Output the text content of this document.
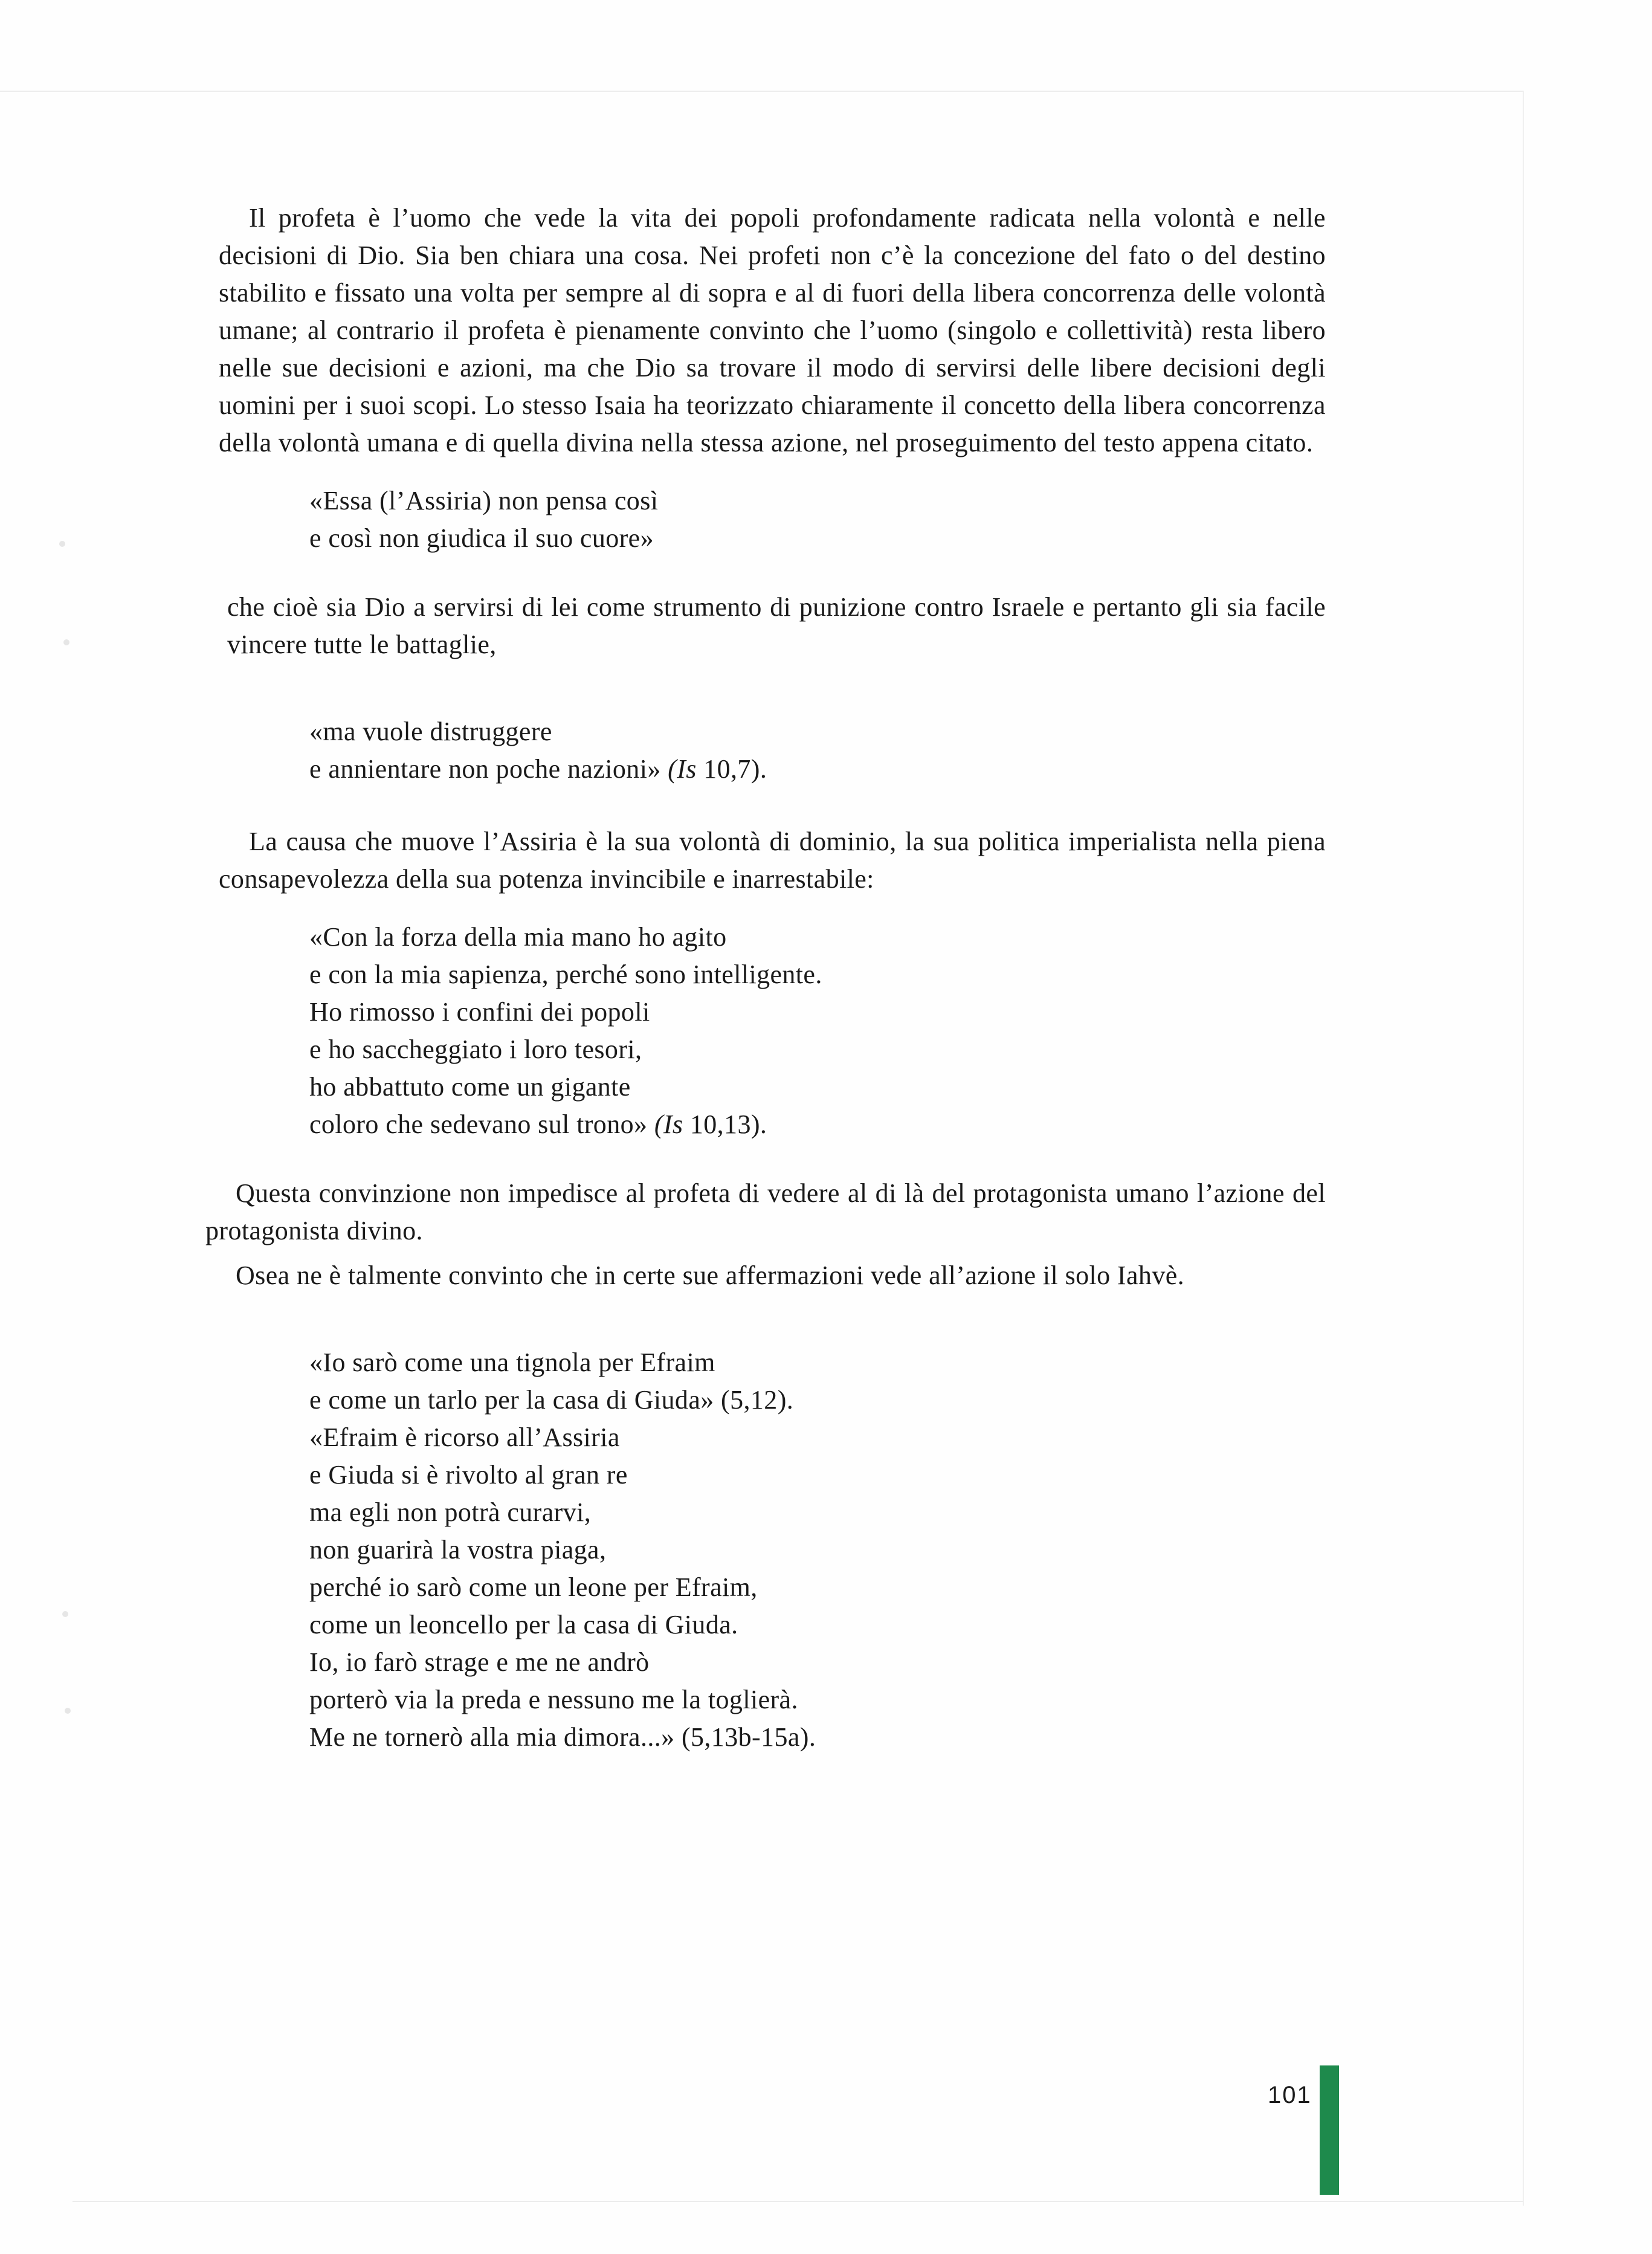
Il profeta è l’uomo che vede la vita dei popoli profondamente radicata nella volontà e nelle decisioni di Dio. Sia ben chiara una cosa. Nei profeti non c’è la concezione del fato o del destino stabilito e fissato una volta per sempre al di sopra e al di fuori della libera concorrenza delle volontà umane; al contrario il profeta è pienamente convinto che l’uomo (singolo e collettività) resta libero nelle sue decisioni e azioni, ma che Dio sa trovare il modo di servirsi delle libere decisioni degli uomini per i suoi scopi. Lo stesso Isaia ha teorizzato chiaramente il concetto della libera concorrenza della volontà umana e di quella divina nella stessa azione, nel proseguimento del testo appena citato.

«Essa (l’Assiria) non pensa così

e così non giudica il suo cuore»

che cioè sia Dio a servirsi di lei come strumento di punizione contro Israele e pertanto gli sia facile vincere tutte le battaglie,

«ma vuole distruggere

e annientare non poche nazioni» (Is 10,7).

La causa che muove l’Assiria è la sua volontà di dominio, la sua politica imperialista nella piena consapevolezza della sua potenza invincibile e inarrestabile:

«Con la forza della mia mano ho agito

e con la mia sapienza, perché sono intelligente.

Ho rimosso i confini dei popoli

e ho saccheggiato i loro tesori,

ho abbattuto come un gigante

coloro che sedevano sul trono» (Is 10,13).

Questa convinzione non impedisce al profeta di vedere al di là del protagonista umano l’azione del protagonista divino.

Osea ne è talmente convinto che in certe sue affermazioni vede all’azione il solo Iahvè.

«Io sarò come una tignola per Efraim

e come un tarlo per la casa di Giuda» (5,12).

«Efraim è ricorso all’Assiria

e Giuda si è rivolto al gran re

ma egli non potrà curarvi,

non guarirà la vostra piaga,

perché io sarò come un leone per Efraim,

come un leoncello per la casa di Giuda.

Io, io farò strage e me ne andrò

porterò via la preda e nessuno me la toglierà.

Me ne tornerò alla mia dimora...» (5,13b-15a).

101
